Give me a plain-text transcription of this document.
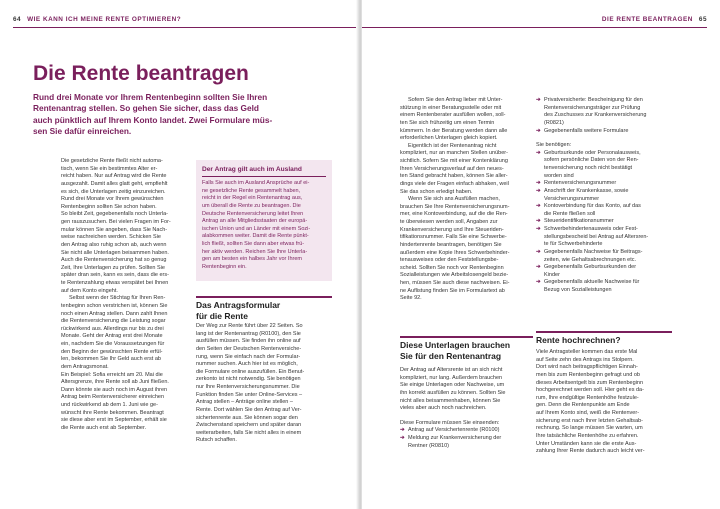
64 WIE KANN ICH MEINE RENTE OPTIMIEREN?
Die Rente beantragen
Rund drei Monate vor Ihrem Rentenbeginn sollten Sie Ihren
Rentenantrag stellen. So gehen Sie sicher, dass das Geld
auch pünktlich auf Ihrem Konto landet. Zwei Formulare müs-
sen Sie dafür einreichen.
Die gesetzliche Rente fließt nicht automa-
tisch, wenn Sie ein bestimmtes Alter er-
reicht haben. Nur auf Antrag wird die Rente
ausgezahlt. Damit alles glatt geht, empfiehlt
es sich, die Unterlagen zeitig einzureichen.
Rund drei Monate vor Ihrem gewünschten
Rentenbeginn sollten Sie schon haben.
So bleibt Zeit, gegebenenfalls noch Unterla-
gen rauszusuchen. Bei vielen Fragen im For-
mular können Sie angeben, dass Sie Nach-
weise nachreichen werden. Schicken Sie
den Antrag also ruhig schon ab, auch wenn
Sie nicht alle Unterlagen beisammen haben.
Auch die Rentenversicherung hat so genug
Zeit, Ihre Unterlagen zu prüfen. Sollten Sie
später dran sein, kann es sein, dass die ers-
te Rentenzahlung etwas verspätet bei Ihnen
auf dem Konto eingeht.
Selbst wenn der Stichtag für Ihren Ren-
tenbeginn schon verstrichen ist, können Sie
noch einen Antrag stellen. Dann zahlt Ihnen
die Rentenversicherung die Leistung sogar
rückwirkend aus. Allerdings nur bis zu drei
Monate. Geht der Antrag erst drei Monate
ein, nachdem Sie die Voraussetzungen für
den Beginn der gewünschten Rente erfül-
len, bekommen Sie Ihr Geld auch erst ab
dem Antragsmonat.
Ein Beispiel: Sofia erreicht am 20. Mai die
Altersgrenze, ihre Rente soll ab Juni fließen.
Dann könnte sie auch noch im August ihren
Antrag beim Rentenversicherer einreichen
und rückwirkend ab dem 1. Juni wie ge-
wünscht ihre Rente bekommen. Beantragt
sie diese aber erst im September, erhält sie
die Rente auch erst ab September.
Der Antrag gilt auch im Ausland
Falls Sie auch im Ausland Ansprüche auf ei-
ne gesetzliche Rente gesammelt haben,
reicht in der Regel ein Rentenantrag aus,
um überall die Rente zu beantragen. Die
Deutsche Rentenversicherung leitet Ihren
Antrag an alle Mitgliedsstaaten der europä-
ischen Union und an Länder mit einem Sozi-
alabkommen weiter. Damit die Rente pünkt-
lich fließt, sollten Sie dann aber etwas frü-
her aktiv werden. Reichen Sie Ihre Unterla-
gen am besten ein halbes Jahr vor Ihrem
Rentenbeginn ein.
Das Antragsformular
für die Rente
Der Weg zur Rente führt über 22 Seiten. So
lang ist der Rentenantrag (R0100), den Sie
ausfüllen müssen. Sie finden ihn online auf
den Seiten der Deutschen Rentenversiche-
rung, wenn Sie einfach nach der Formular-
nummer suchen. Auch hier ist es möglich,
die Formulare online auszufüllen. Ein Benut-
zerkonto ist nicht notwendig. Sie benötigen
nur Ihre Rentenversicherungsnummer. Die
Funktion finden Sie unter Online-Services –
Antrag stellen – Anträge online stellen –
Rente. Dort wählen Sie den Antrag auf Ver-
sichertenrente aus. Sie können sogar den
Zwischenstand speichern und später daran
weiterarbeiten, falls Sie nicht alles in einem
Rutsch schaffen.
DIE RENTE BEANTRAGEN 65
Sofern Sie den Antrag lieber mit Unter-
stützung in einer Beratungsstelle oder mit
einem Rentenberater ausfüllen wollen, soll-
ten Sie sich frühzeitig um einen Termin
kümmern. In der Beratung werden dann alle
erforderlichen Unterlagen gleich kopiert.
Eigentlich ist der Rentenantrag nicht
kompliziert, nur an manchen Stellen unüber-
sichtlich. Sofern Sie mit einer Kontenklärung
Ihren Versicherungsverlauf auf den neues-
ten Stand gebracht haben, können Sie aller-
dings viele der Fragen einfach abhaken, weil
Sie das schon erledigt haben.
Wenn Sie sich ans Ausfüllen machen,
brauchen Sie Ihre Rentenversicherungsnum-
mer, eine Kontoverbindung, auf die die Ren-
te überwiesen werden soll, Angaben zur
Krankenversicherung und Ihre Steueriden-
tifikationsnummer. Falls Sie eine Schwerbe-
hindertenrente beantragen, benötigen Sie
außerdem eine Kopie Ihres Schwerbehinder-
tenausweises oder den Feststellungsbe-
scheid. Sollten Sie noch vor Rentenbeginn
Sozialleistungen wie Arbeitslosengeld bezie-
hen, müssen Sie auch diese nachweisen. Ei-
ne Auflistung finden Sie im Formulartext ab
Seite 92.
Diese Unterlagen brauchen
Sie für den Rentenantrag
Der Antrag auf Altersrente ist an sich nicht
kompliziert, nur lang. Außerdem brauchen
Sie einige Unterlagen oder Nachweise, um
ihn korrekt ausfüllen zu können. Sollten Sie
nicht alles beisammenhaben, können Sie
vieles aber auch noch nachreichen.
Diese Formulare müssen Sie einsenden:
➔ Antrag auf Versichertenrente (R0100)
➔ Meldung zur Krankenversicherung der
Rentner (R0810)
➔ Privatversicherte: Bescheinigung für den
Rentenversicherungsträger zur Prüfung
des Zuschusses zur Krankenversicherung
(R0821)
➔ Gegebenenfalls weitere Formulare
Sie benötigen:
➔ Geburtsurkunde oder Personalausweis,
sofern persönliche Daten von der Ren-
tenversicherung noch nicht bestätigt
worden sind
➔ Rentenversicherungsnummer
➔ Anschrift der Krankenkasse, sowie
Versicherungsnummer
➔ Kontoverbindung für das Konto, auf das
die Rente fließen soll
➔ Steueridentifikationsnummer
➔ Schwerbehindertenausweis oder Fest-
stellungsbescheid bei Antrag auf Altersren-
te für Schwerbehinderte
➔ Gegebenenfalls Nachweise für Beitrags-
zeiten, wie Gehaltsabrechnungen etc.
➔ Gegebenenfalls Geburtsurkunden der
Kinder
➔ Gegebenenfalls aktuelle Nachweise für
Bezug von Sozialleistungen
Rente hochrechnen?
Viele Antragsteller kommen das erste Mal
auf Seite zehn des Antrags ins Stolpern.
Dort wird nach beitragspflichtigen Einnah-
men bis zum Rentenbeginn gefragt und ob
dieses Arbeitsentgelt bis zum Rentenbeginn
hochgerechnet werden soll. Hier geht es da-
rum, Ihre endgültige Rentenhöhe festzule-
gen. Denn die Rentenpunkte am Ende
auf Ihrem Konto sind, weiß die Rentenver-
sicherung erst nach Ihrer letzten Gehaltsab-
rechnung. So lange müssen Sie warten, um
Ihre tatsächliche Rentenhöhe zu erfahren.
Unter Umständen kann sie die erste Aus-
zahlung Ihrer Rente dadurch auch leicht ver-
